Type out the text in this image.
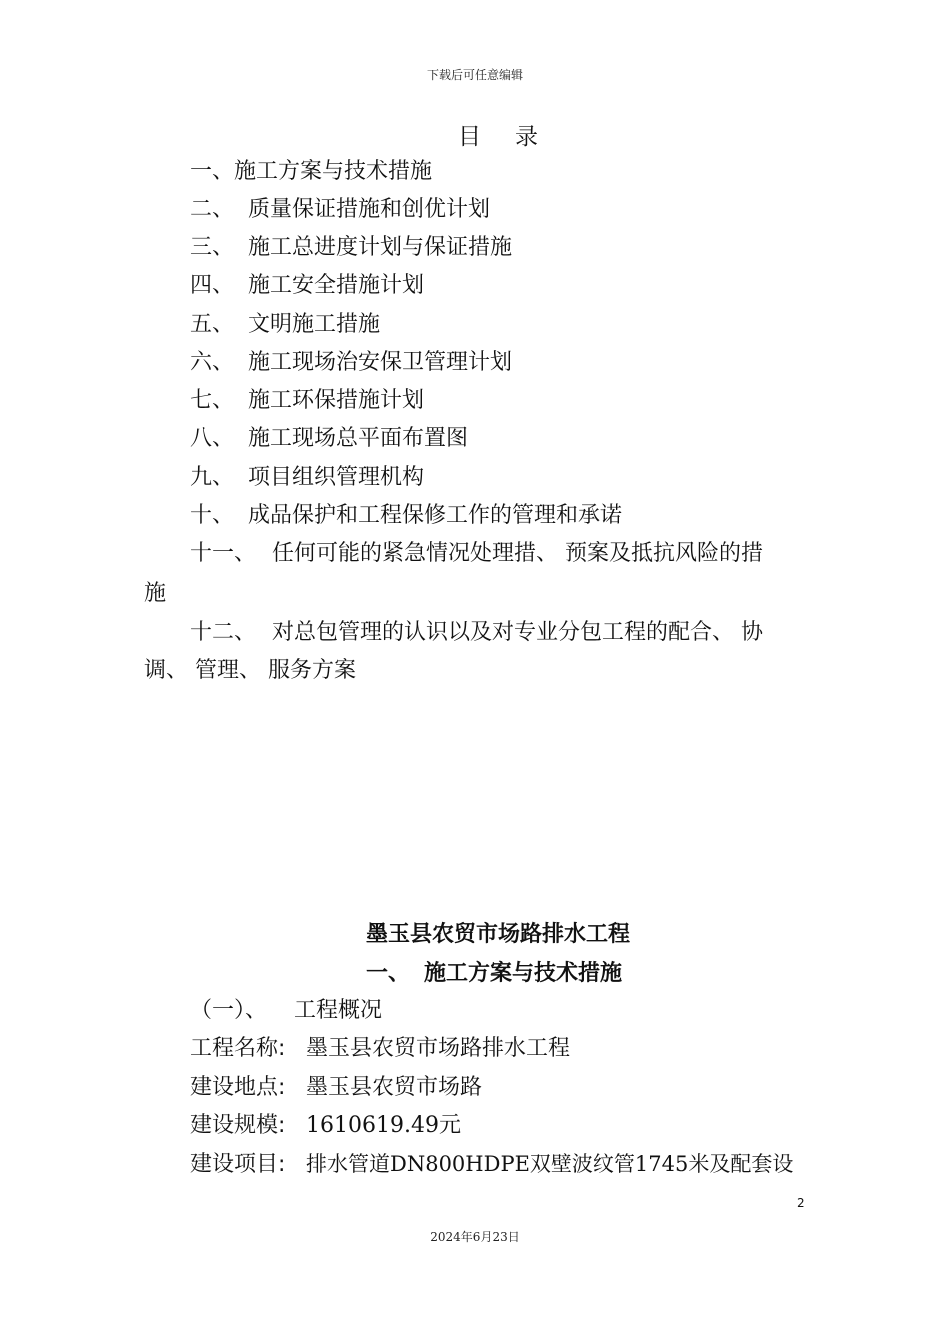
下载后可任意编辑
目录
一、施工方案与技术措施
二、 质量保证措施和创优计划
三、 施工总进度计划与保证措施
四、 施工安全措施计划
五、 文明施工措施
六、 施工现场治安保卫管理计划
七、 施工环保措施计划
八、 施工现场总平面布置图
九、 项目组织管理机构
十、 成品保护和工程保修工作的管理和承诺
十一、 任何可能的紧急情况处理措、 预案及抵抗风险的措
施
十二、 对总包管理的认识以及对专业分包工程的配合、 协
调、 管理、 服务方案
墨玉县农贸市场路排水工程
一、 施工方案与技术措施
（一）、 工程概况
工程名称: 墨玉县农贸市场路排水工程
建设地点: 墨玉县农贸市场路
建设规模: 1610619.49元
建设项目: 排水管道DN800HDPE双壁波纹管1745米及配套设
2
2024年6月23日
